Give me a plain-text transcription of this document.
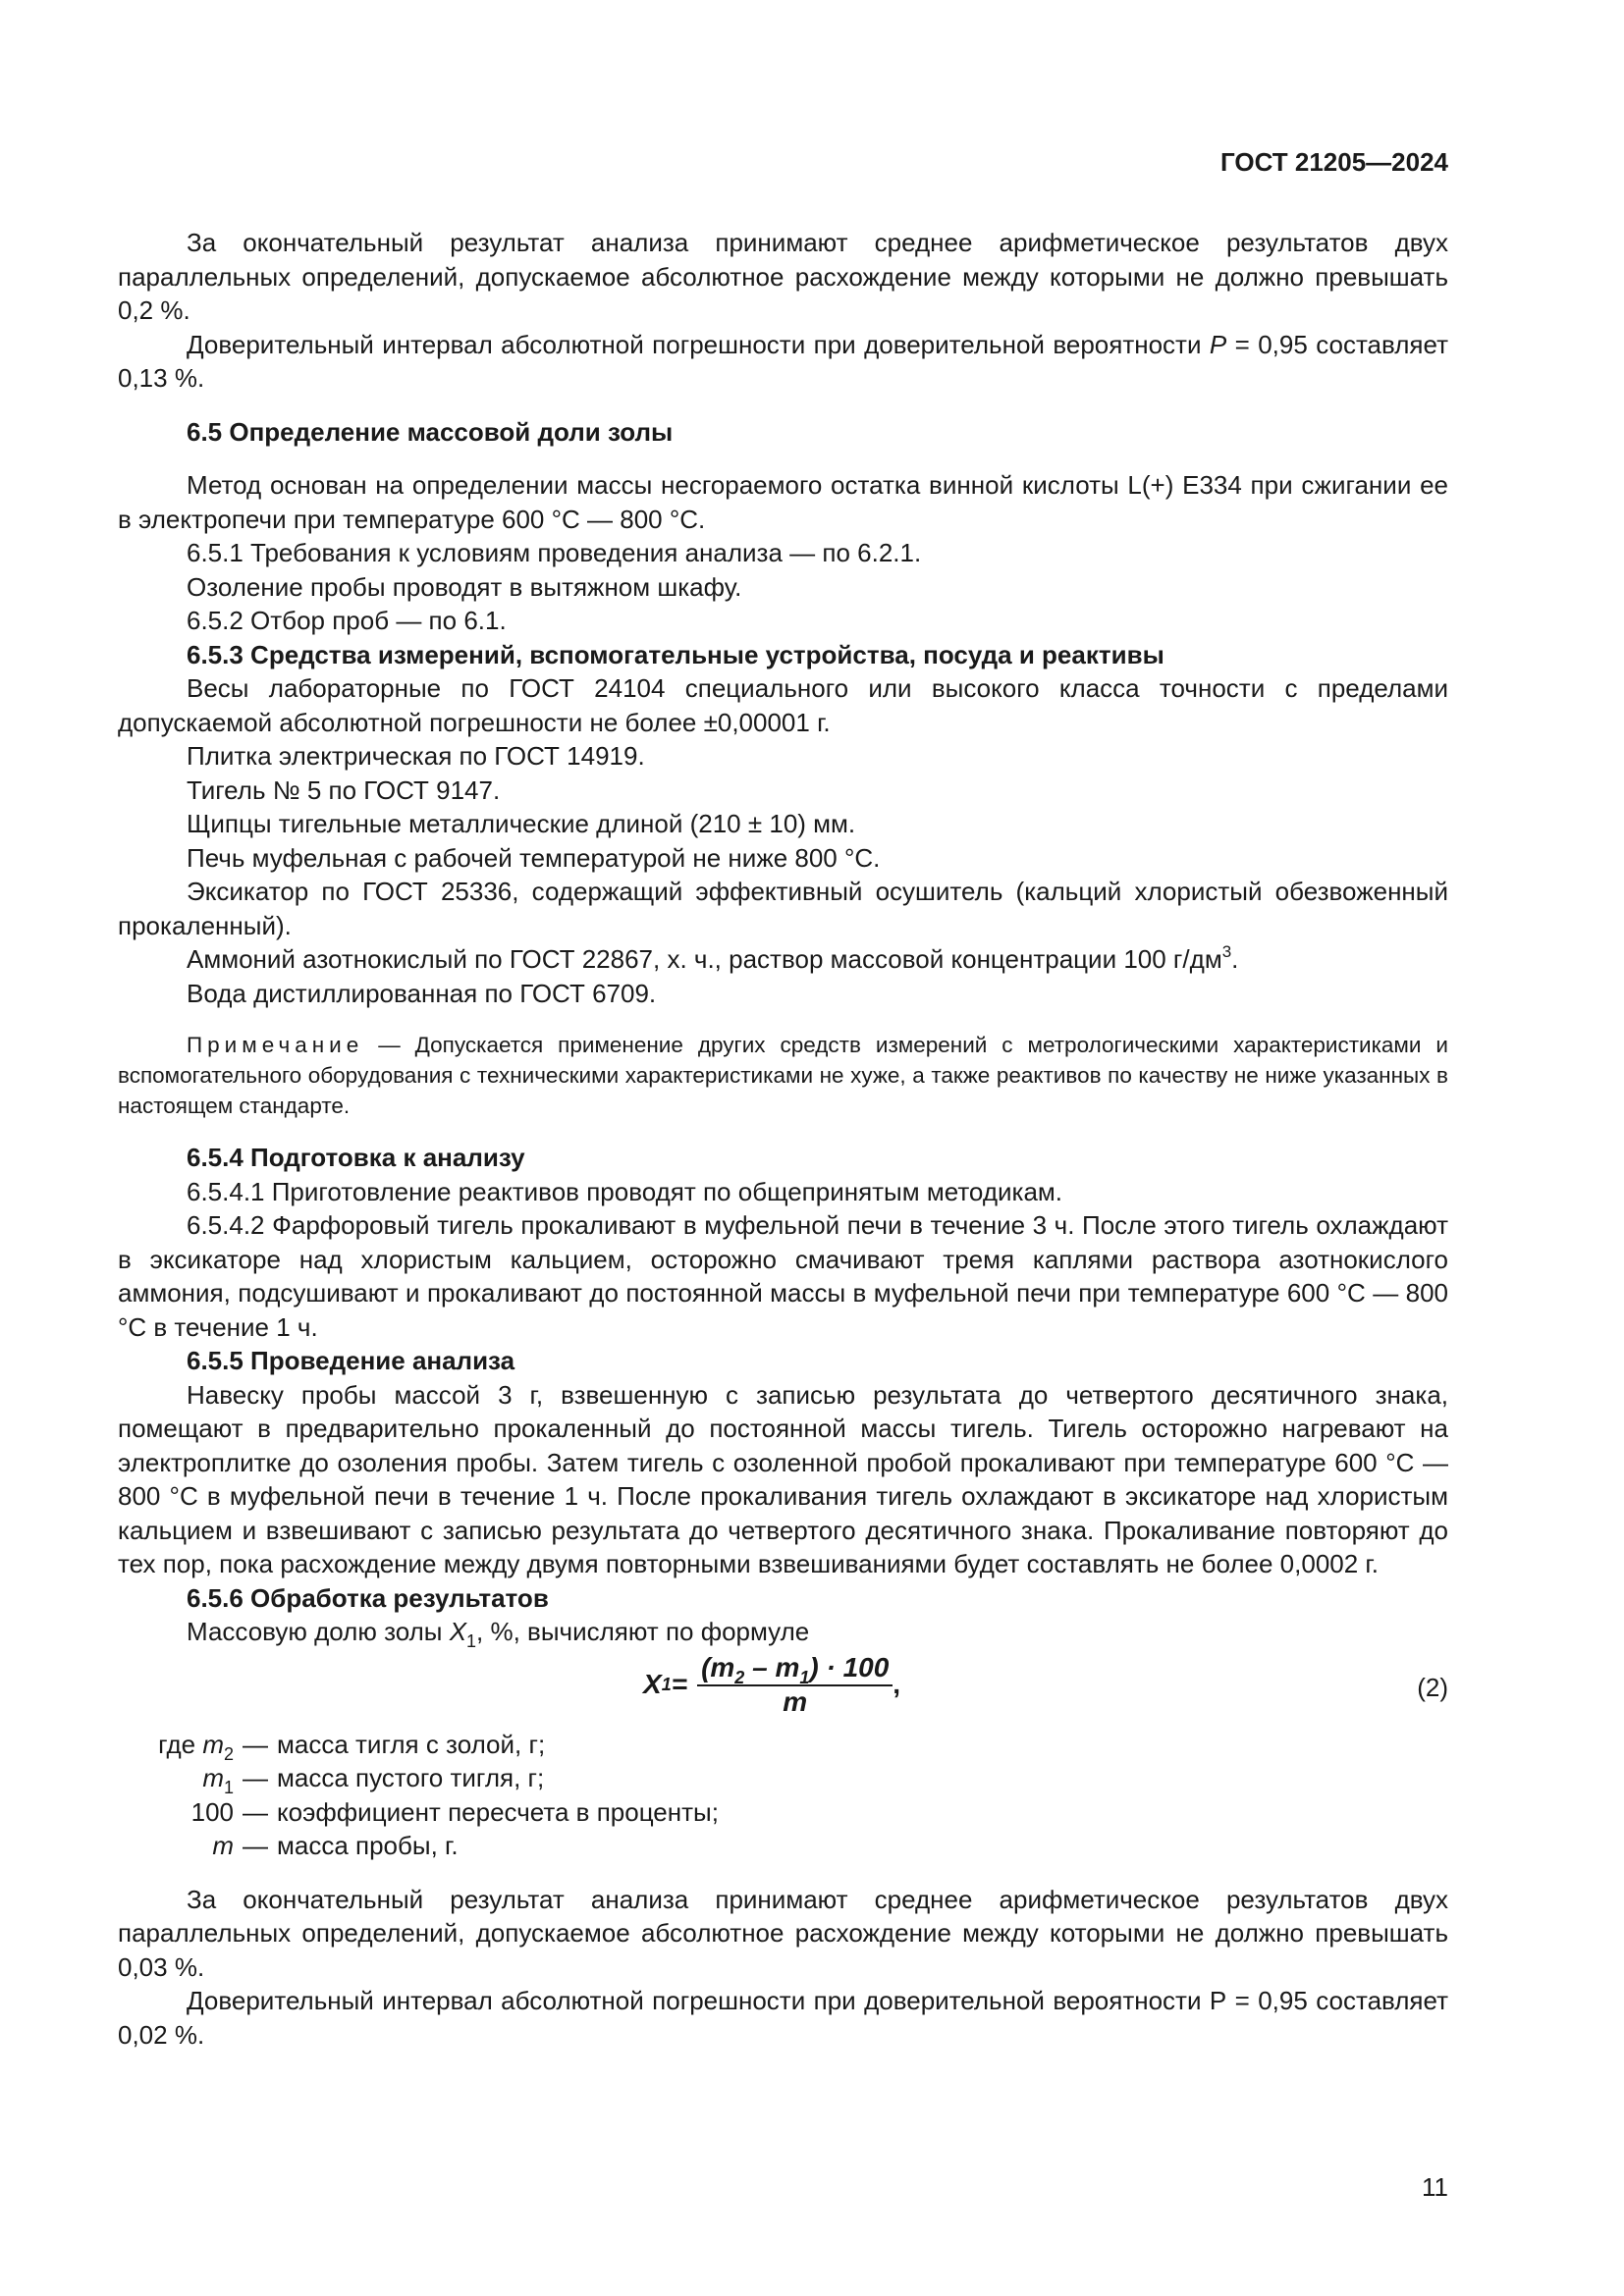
ГОСТ 21205—2024

За окончательный результат анализа принимают среднее арифметическое результатов двух параллельных определений, допускаемое абсолютное расхождение между которыми не должно превышать 0,2 %.

Доверительный интервал абсолютной погрешности при доверительной вероятности P = 0,95 составляет 0,13 %.

6.5 Определение массовой доли золы

Метод основан на определении массы несгораемого остатка винной кислоты L(+) E334 при сжигании ее в электропечи при температуре 600 °C — 800 °C.

6.5.1 Требования к условиям проведения анализа — по 6.2.1.

Озоление пробы проводят в вытяжном шкафу.

6.5.2 Отбор проб — по 6.1.

6.5.3 Средства измерений, вспомогательные устройства, посуда и реактивы

Весы лабораторные по ГОСТ 24104 специального или высокого класса точности с пределами допускаемой абсолютной погрешности не более ±0,00001 г.

Плитка электрическая по ГОСТ 14919.

Тигель № 5 по ГОСТ 9147.

Щипцы тигельные металлические длиной (210 ± 10) мм.

Печь муфельная с рабочей температурой не ниже 800 °С.

Эксикатор по ГОСТ 25336, содержащий эффективный осушитель (кальций хлористый обезвоженный прокаленный).

Аммоний азотнокислый по ГОСТ 22867, х. ч., раствор массовой концентрации 100 $г/дм^3$.

Вода дистиллированная по ГОСТ 6709.

Примечание — Допускается применение других средств измерений с метрологическими характеристиками и вспомогательного оборудования с техническими характеристиками не хуже, а также реактивов по качеству не ниже указанных в настоящем стандарте.

6.5.4 Подготовка к анализу

6.5.4.1 Приготовление реактивов проводят по общепринятым методикам.

6.5.4.2 Фарфоровый тигель прокаливают в муфельной печи в течение 3 ч. После этого тигель охлаждают в эксикаторе над хлористым кальцием, осторожно смачивают тремя каплями раствора азотнокислого аммония, подсушивают и прокаливают до постоянной массы в муфельной печи при температуре 600 °C — 800 °C в течение 1 ч.

6.5.5 Проведение анализа

Навеску пробы массой 3 г, взвешенную с записью результата до четвертого десятичного знака, помещают в предварительно прокаленный до постоянной массы тигель. Тигель осторожно нагревают на электроплитке до озоления пробы. Затем тигель с озоленной пробой прокаливают при температуре 600 °C — 800 °C в муфельной печи в течение 1 ч. После прокаливания тигель охлаждают в эксикаторе над хлористым кальцием и взвешивают с записью результата до четвертого десятичного знака. Прокаливание повторяют до тех пор, пока расхождение между двумя повторными взвешиваниями будет составлять не более 0,0002 г.

6.5.6 Обработка результатов

Массовую долю золы $X_1$, %, вычисляют по формуле

X $1 = \frac{(m_2 - m_1) \cdot 100}{m}$ ,	(2)
где $m_2$ — масса тигля с золой, г;
$m_1$ — масса пустого тигля, г;
100 — коэффициент пересчета в проценты;
m — масса пробы, г.

За окончательный результат анализа принимают среднее арифметическое результатов двух параллельных определений, допускаемое абсолютное расхождение между которыми не должно превышать 0,03 %.

Доверительный интервал абсолютной погрешности при доверительной вероятности Р = 0,95 составляет 0,02 %.

11
